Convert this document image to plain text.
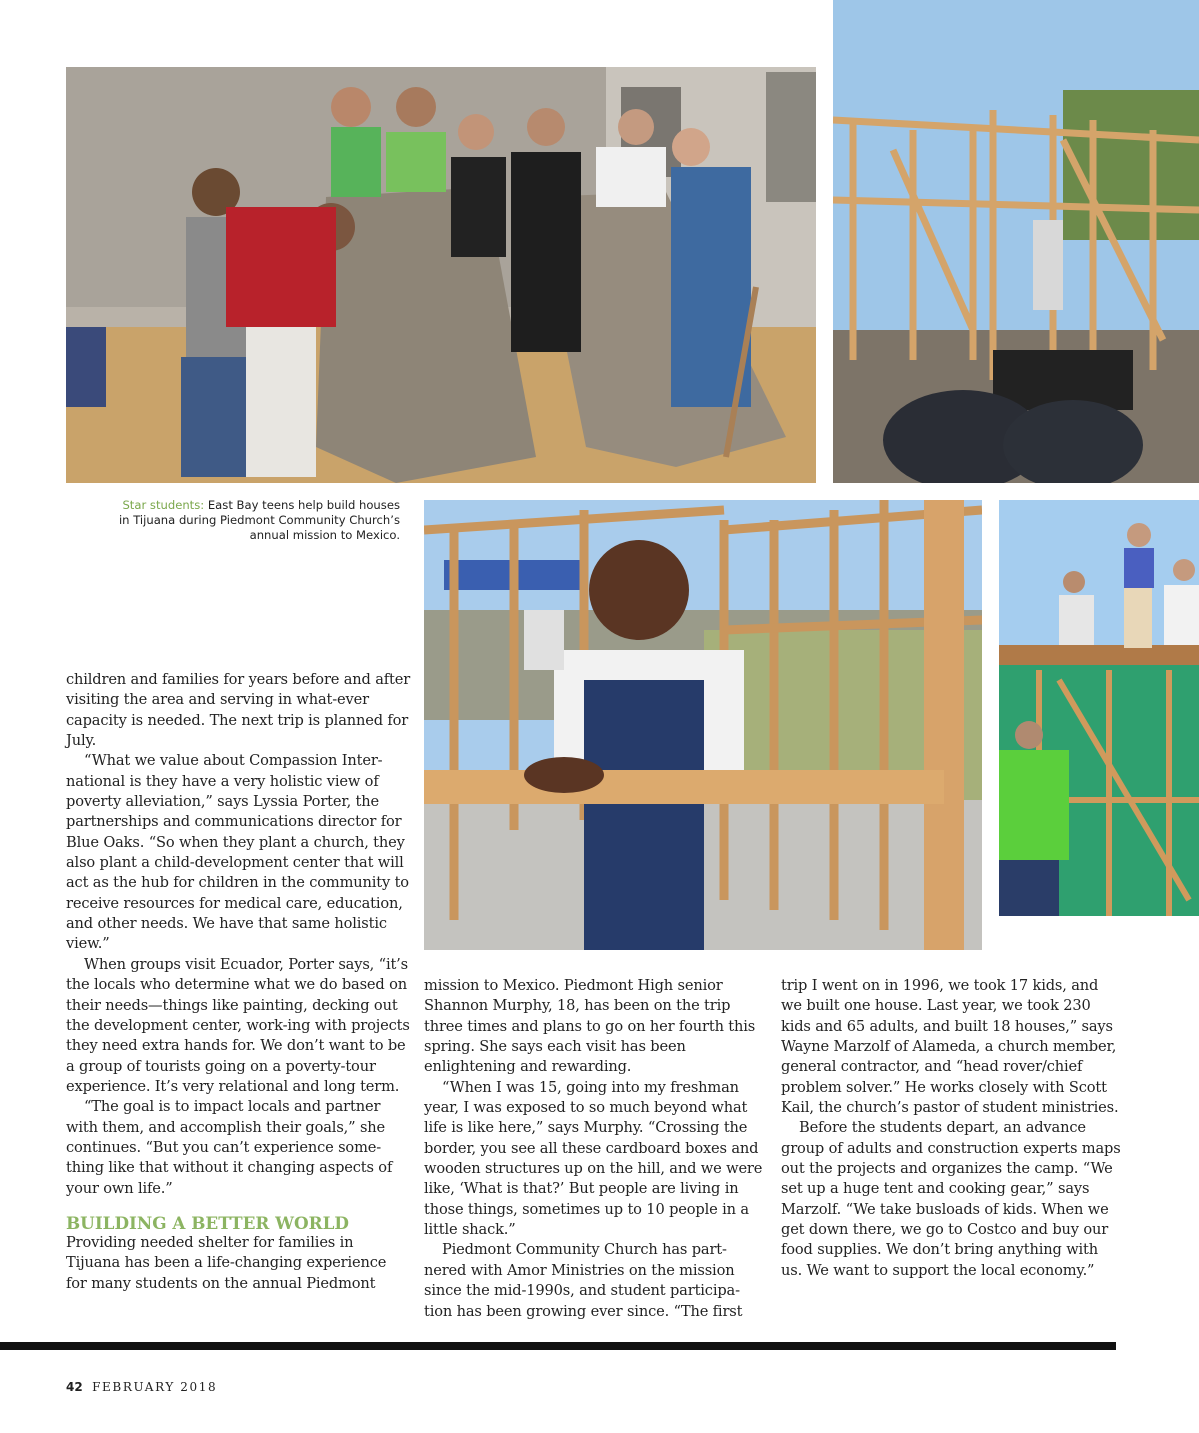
Star students: East Bay teens help build houses in Tijuana during Piedmont Community Church’s annual mission to Mexico.

children and families for years before and after visiting the area and serving in what-ever capacity is needed. The next trip is planned for July.

“What we value about Compassion Inter-national is they have a very holistic view of poverty alleviation,” says Lyssia Porter, the partnerships and communications director for Blue Oaks. “So when they plant a church, they also plant a child-development center that will act as the hub for children in the community to receive resources for medical care, education, and other needs. We have that same holistic view.”

When groups visit Ecuador, Porter says, “it’s the locals who determine what we do based on their needs—things like painting, decking out the development center, work-ing with projects they need extra hands for. We don’t want to be a group of tourists going on a poverty-tour experience. It’s very relational and long term.

“The goal is to impact locals and partner with them, and accomplish their goals,” she continues. “But you can’t experience some-thing like that without it changing aspects of your own life.”

BUILDING A BETTER WORLD

Providing needed shelter for families in Tijuana has been a life-changing experience for many students on the annual Piedmont

mission to Mexico. Piedmont High senior Shannon Murphy, 18, has been on the trip three times and plans to go on her fourth this spring. She says each visit has been enlightening and rewarding.

“When I was 15, going into my freshman year, I was exposed to so much beyond what life is like here,” says Murphy. “Crossing the border, you see all these cardboard boxes and wooden structures up on the hill, and we were like, ‘What is that?’ But people are living in those things, sometimes up to 10 people in a little shack.”

Piedmont Community Church has part-nered with Amor Ministries on the mission since the mid-1990s, and student participa-tion has been growing ever since. “The first

trip I went on in 1996, we took 17 kids, and we built one house. Last year, we took 230 kids and 65 adults, and built 18 houses,” says Wayne Marzolf of Alameda, a church member, general contractor, and “head rover/chief problem solver.” He works closely with Scott Kail, the church’s pastor of student ministries.

Before the students depart, an advance group of adults and construction experts maps out the projects and organizes the camp. “We set up a huge tent and cooking gear,” says Marzolf. “We take busloads of kids. When we get down there, we go to Costco and buy our food supplies. We don’t bring anything with us. We want to support the local economy.”

42 FEBRUARY 2018
